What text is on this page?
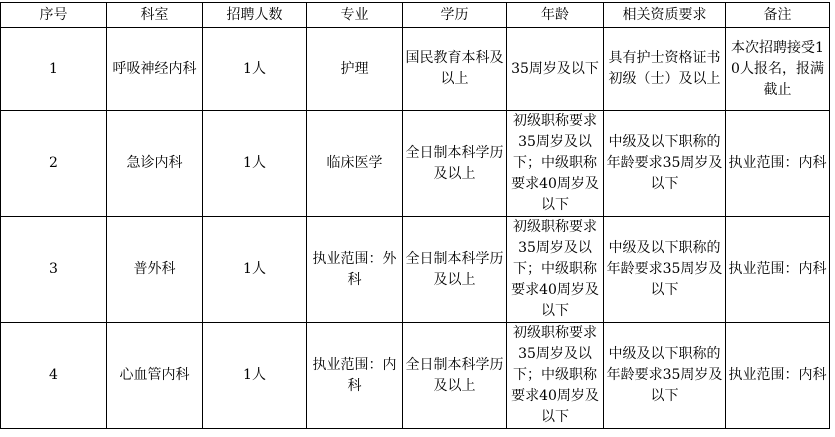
序号	科室	招聘人数	专业	学历	年龄	相关资质要求	备注
1	呼吸神经内科	1人	护理	国民教育本科及以上	35周岁及以下	具有护士资格证书初级（士）及以上	本次招聘接受10人报名，报满截止
2	急诊内科	1人	临床医学	全日制本科学历及以上	初级职称要求35周岁及以下；中级职称要求40周岁及以下	中级及以下职称的年龄要求35周岁及以下	执业范围：内科
3	普外科	1人	执业范围：外科	全日制本科学历及以上	初级职称要求35周岁及以下；中级职称要求40周岁及以下	中级及以下职称的年龄要求35周岁及以下	执业范围：内科
4	心血管内科	1人	执业范围：内科	全日制本科学历及以上	初级职称要求35周岁及以下；中级职称要求40周岁及以下	中级及以下职称的年龄要求35周岁及以下	执业范围：内科
